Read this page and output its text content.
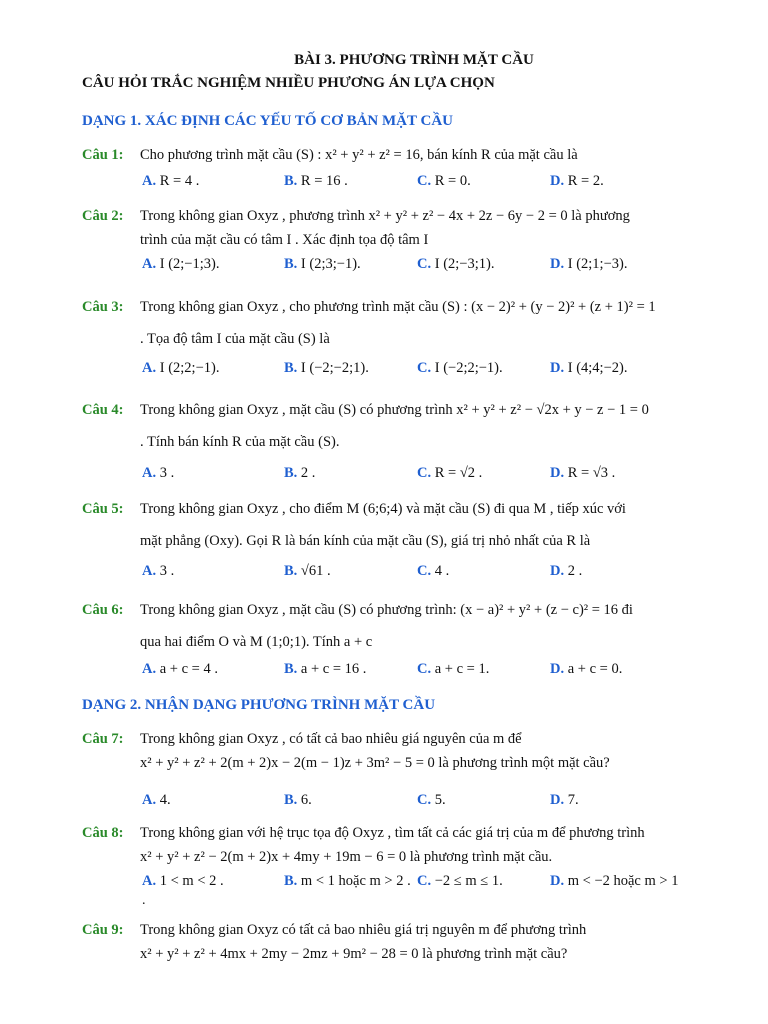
BÀI 3. PHƯƠNG TRÌNH MẶT CẦU
CÂU HỎI TRẮC NGHIỆM NHIỀU PHƯƠNG ÁN LỰA CHỌN
DẠNG 1. XÁC ĐỊNH CÁC YẾU TỐ CƠ BẢN MẶT CẦU
Câu 1: Cho phương trình mặt cầu (S) : x² + y² + z² = 16, bán kính R của mặt cầu là
A. R = 4 .	B. R = 16 .	C. R = 0.	D. R = 2.
Câu 2: Trong không gian Oxyz , phương trình x² + y² + z² − 4x + 2z − 6y − 2 = 0 là phương
trình của mặt cầu có tâm I . Xác định tọa độ tâm I
A. I (2;−1;3).	B. I (2;3;−1).	C. I (2;−3;1).	D. I (2;1;−3).
Câu 3: Trong không gian Oxyz , cho phương trình mặt cầu (S) : (x − 2)² + (y − 2)² + (z + 1)² = 1
. Tọa độ tâm I của mặt cầu (S) là
A. I (2;2;−1).	B. I (−2;−2;1).	C. I (−2;2;−1).	D. I (4;4;−2).
Câu 4: Trong không gian Oxyz , mặt cầu (S) có phương trình x² + y² + z² − √2x + y − z − 1 = 0
. Tính bán kính R của mặt cầu (S).
A. 3 .	B. 2 .	C. R = √2 .	D. R = √3 .
Câu 5: Trong không gian Oxyz , cho điểm M (6;6;4) và mặt cầu (S) đi qua M , tiếp xúc với
mặt phẳng (Oxy). Gọi R là bán kính của mặt cầu (S), giá trị nhỏ nhất của R là
A. 3 .	B. √61 .	C. 4 .	D. 2 .
Câu 6: Trong không gian Oxyz , mặt cầu (S) có phương trình: (x − a)² + y² + (z − c)² = 16 đi
qua hai điểm O và M (1;0;1). Tính a + c
A. a + c = 4 .	B. a + c = 16 .	C. a + c = 1.	D. a + c = 0.
DẠNG 2. NHẬN DẠNG PHƯƠNG TRÌNH MẶT CẦU
Câu 7: Trong không gian Oxyz , có tất cả bao nhiêu giá nguyên của m để
x² + y² + z² + 2(m + 2)x − 2(m − 1)z + 3m² − 5 = 0 là phương trình một mặt cầu?
A. 4.	B. 6.	C. 5.	D. 7.
Câu 8: Trong không gian với hệ trục tọa độ Oxyz , tìm tất cả các giá trị của m để phương trình
x² + y² + z² − 2(m + 2)x + 4my + 19m − 6 = 0 là phương trình mặt cầu.
A. 1 < m < 2 .	B. m < 1 hoặc m > 2 . C. −2 ≤ m ≤ 1.	D. m < −2 hoặc m > 1
.
Câu 9: Trong không gian Oxyz có tất cả bao nhiêu giá trị nguyên m để phương trình
x² + y² + z² + 4mx + 2my − 2mz + 9m² − 28 = 0 là phương trình mặt cầu?
